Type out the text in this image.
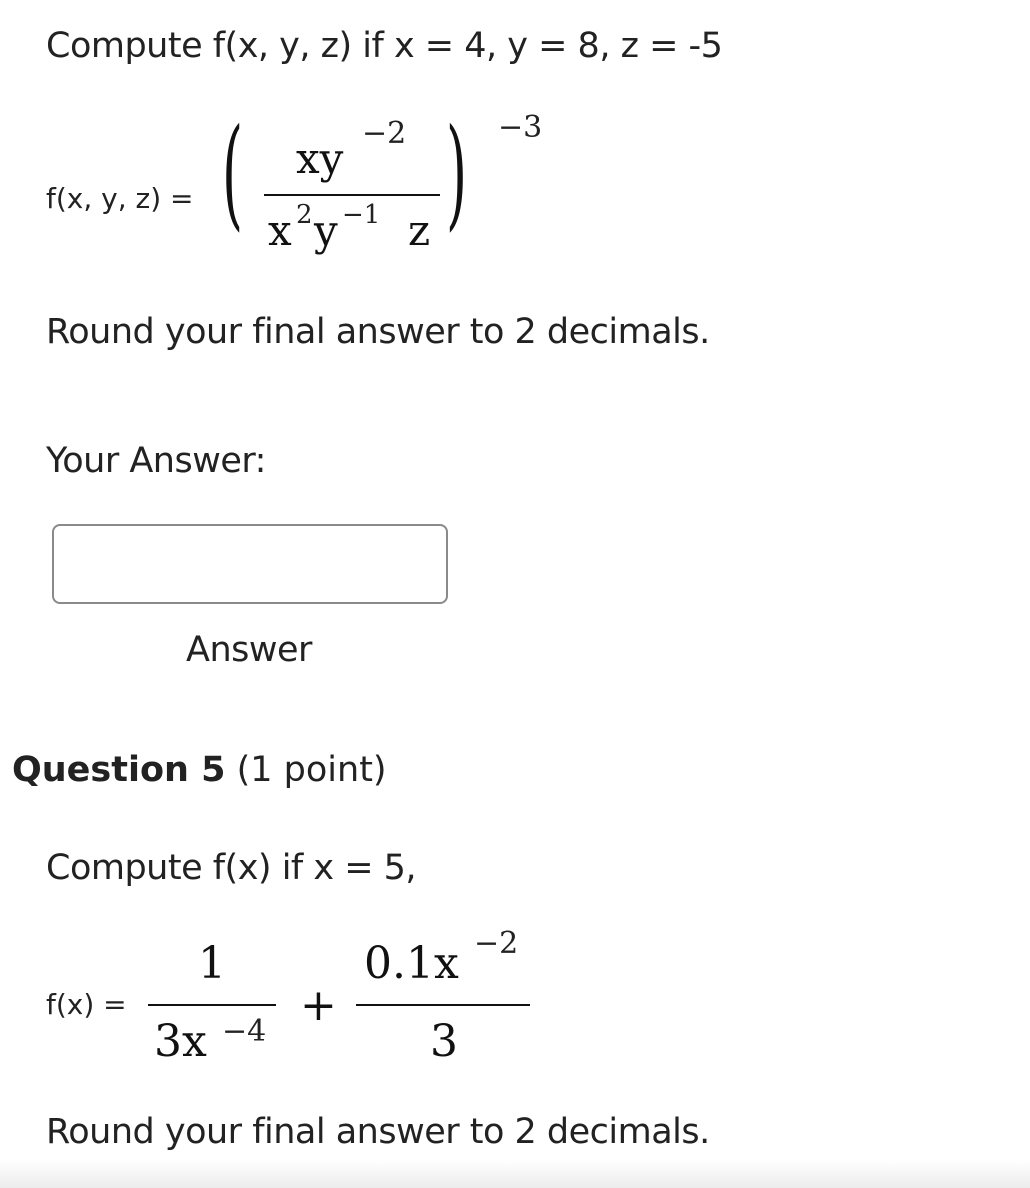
Compute f(x, y, z) if x = 4, y = 8, z = -5
f(x, y, z) = ( xy
−2
x 2 y −1 z ) −3
Round your final answer to 2 decimals.
Your Answer:
Answer
Question 5 (1 point)
Compute f(x) if x = 5,
f(x) =
1
3x −4
+
0.1x −2
3
Round your final answer to 2 decimals.
